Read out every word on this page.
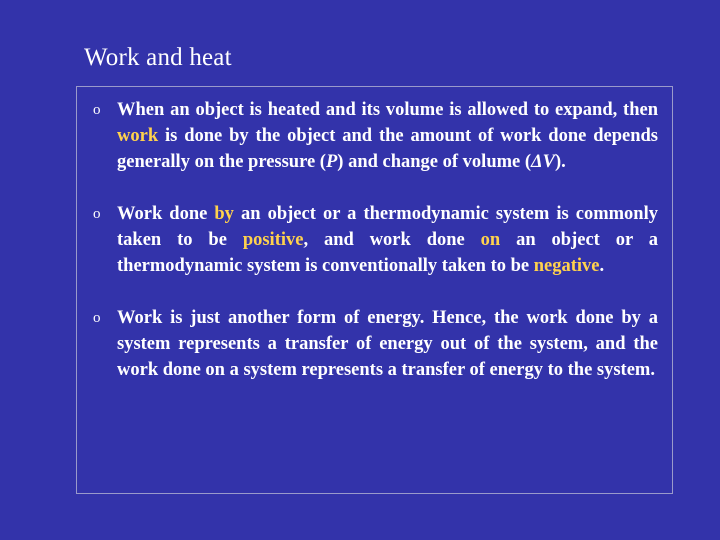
Work and heat
o When an object is heated and its volume is allowed to expand, then work is done by the object and the amount of work done depends generally on the pressure (P) and change of volume (ΔV).
o Work done by an object or a thermodynamic system is commonly taken to be positive, and work done on an object or a thermodynamic system is conventionally taken to be negative.
o Work is just another form of energy. Hence, the work done by a system represents a transfer of energy out of the system, and the work done on a system represents a transfer of energy to the system.
